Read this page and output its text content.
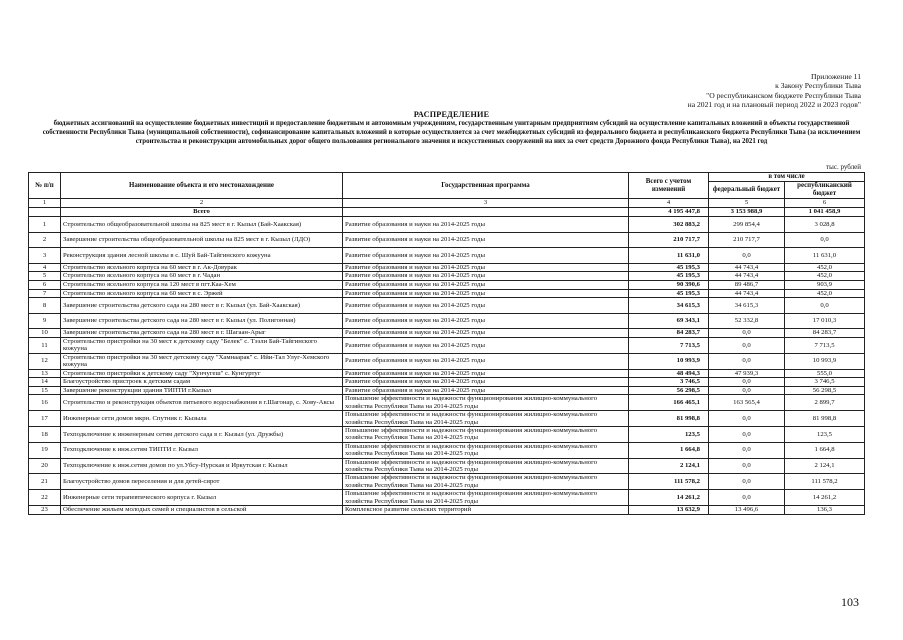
Приложение 11
к Закону Республики Тыва
"О республиканском бюджете Республики Тыва
на 2021 год и на плановый период 2022 и 2023 годов"
РАСПРЕДЕЛЕНИЕ
бюджетных ассигнований на осуществление бюджетных инвестиций и предоставление бюджетным и автономным учреждениям, государственным унитарным предприятиям субсидий на осуществление капитальных вложений в объекты государственной собственности Республики Тыва (муниципальной собственности), софинансирование капитальных вложений в которые осуществляется за счет межбюджетных субсидий из федерального бюджета и республиканского бюджета Республики Тыва (за исключением строительства и реконструкции автомобильных дорог общего пользования регионального значения и искусственных сооружений на них за счет средств Дорожного фонда Республики Тыва), на 2021 год
тыс. рублей
№ п/п	Наименование объекта и его местонахождение	Государственная программа	Всего с учетом изменений	в том числе	
				федеральный бюджет	республиканский бюджет
1	2	3	4	5	6
	Всего		4 195 447,8	3 153 988,9	1 041 458,9
1	Строительство общеобразовательной школы на 825 мест в г. Кызыл (Бай-Хаакская)	Развитие образования и науки на 2014-2025 годы	302 883,2	299 854,4	3 028,8
2	Завершение строительства общеобразовательной школы на 825 мест в г. Кызыл (ЛДО)	Развитие образования и науки на 2014-2025 годы	210 717,7	210 717,7	0,0
3	Реконструкция здания лесной школы в с. Шуй Бай-Тайгинского кожууна	Развитие образования и науки на 2014-2025 годы	11 631,0	0,0	11 631,0
4	Строительство ясельного корпуса на 60 мест в г. Ак-Довурак	Развитие образования и науки на 2014-2025 годы	45 195,3	44 743,4	452,0
5	Строительство ясельного корпуса на 60 мест в г. Чадан	Развитие образования и науки на 2014-2025 годы	45 195,3	44 743,4	452,0
6	Строительство ясельного корпуса на 120 мест в пгт.Каа-Хем	Развитие образования и науки на 2014-2025 годы	90 390,6	89 486,7	903,9
7	Строительство ясельного корпуса на 60 мест в с. Эржей	Развитие образования и науки на 2014-2025 годы	45 195,3	44 743,4	452,0
8	Завершение строительства детского сада на 280 мест в г. Кызыл (ул. Бай-Хаакская)	Развитие образования и науки на 2014-2025 годы	34 615,3	34 615,3	0,0
9	Завершение строительства детского сада на 280 мест в г. Кызыл (ул. Полигонная)	Развитие образования и науки на 2014-2025 годы	69 343,1	52 332,8	17 010,3
10	Завершение строительства детского сада на 280 мест в г. Шагаан-Арыг	Развитие образования и науки на 2014-2025 годы	84 283,7	0,0	84 283,7
11	Строительство пристройки на 30 мест к детскому саду "Белек" с. Тээли Бай-Тайгинского кожууна	Развитие образования и науки на 2014-2025 годы	7 713,5	0,0	7 713,5
12	Строительство пристройки на 30 мест детскому саду "Хамнаарак" с. Ийи-Тал Улуг-Хемского кожууна	Развитие образования и науки на 2014-2025 годы	10 993,9	0,0	10 993,9
13	Строительство пристройки к детскому саду "Хунчугеш" с. Кунгуртуг	Развитие образования и науки на 2014-2025 годы	48 494,3	47 939,3	555,0
14	Благоустройство пристроек к детским садам	Развитие образования и науки на 2014-2025 годы	3 746,5	0,0	3 746,5
15	Завершение реконструкции здания ТИПТИ г.Кызыл	Развитие образования и науки на 2014-2025 годы	56 298,5	0,0	56 298,5
16	Строительство и реконструкция объектов питьевого водоснабжения в г.Шагонар, с. Хову-Аксы	Повышение эффективности и надежности функционирования жилищно-коммунального хозяйства Республики Тыва на 2014-2025 годы	166 465,1	163 565,4	2 899,7
17	Инженерные сети домов мкрн. Спутник г. Кызыла	Повышение эффективности и надежности функционирования жилищно-коммунального хозяйства Республики Тыва на 2014-2025 годы	81 998,8	0,0	81 998,8
18	Техподключение к инженерным сетям детского сада в г. Кызыл (ул. Дружбы)	Повышение эффективности и надежности функционирования жилищно-коммунального хозяйства Республики Тыва на 2014-2025 годы	123,5	0,0	123,5
19	Техподключение к инж.сетям ТИПТИ г. Кызыл	Повышение эффективности и надежности функционирования жилищно-коммунального хозяйства Республики Тыва на 2014-2025 годы	1 664,8	0,0	1 664,8
20	Техподключение к инж.сетям домов по ул.Убсу-Нурская и Иркутская г. Кызыл	Повышение эффективности и надежности функционирования жилищно-коммунального хозяйства Республики Тыва на 2014-2025 годы	2 124,1	0,0	2 124,1
21	Благоустройство домов переселения и для детей-сирот	Повышение эффективности и надежности функционирования жилищно-коммунального хозяйства Республики Тыва на 2014-2025 годы	111 578,2	0,0	111 578,2
22	Инженерные сети терапевтического корпуса г. Кызыл	Повышение эффективности и надежности функционирования жилищно-коммунального хозяйства Республики Тыва на 2014-2025 годы	14 261,2	0,0	14 261,2
23	Обеспечение жильем молодых семей и специалистов в сельской	Комплексное развитие сельских территорий	13 632,9	13 496,6	136,3
103
